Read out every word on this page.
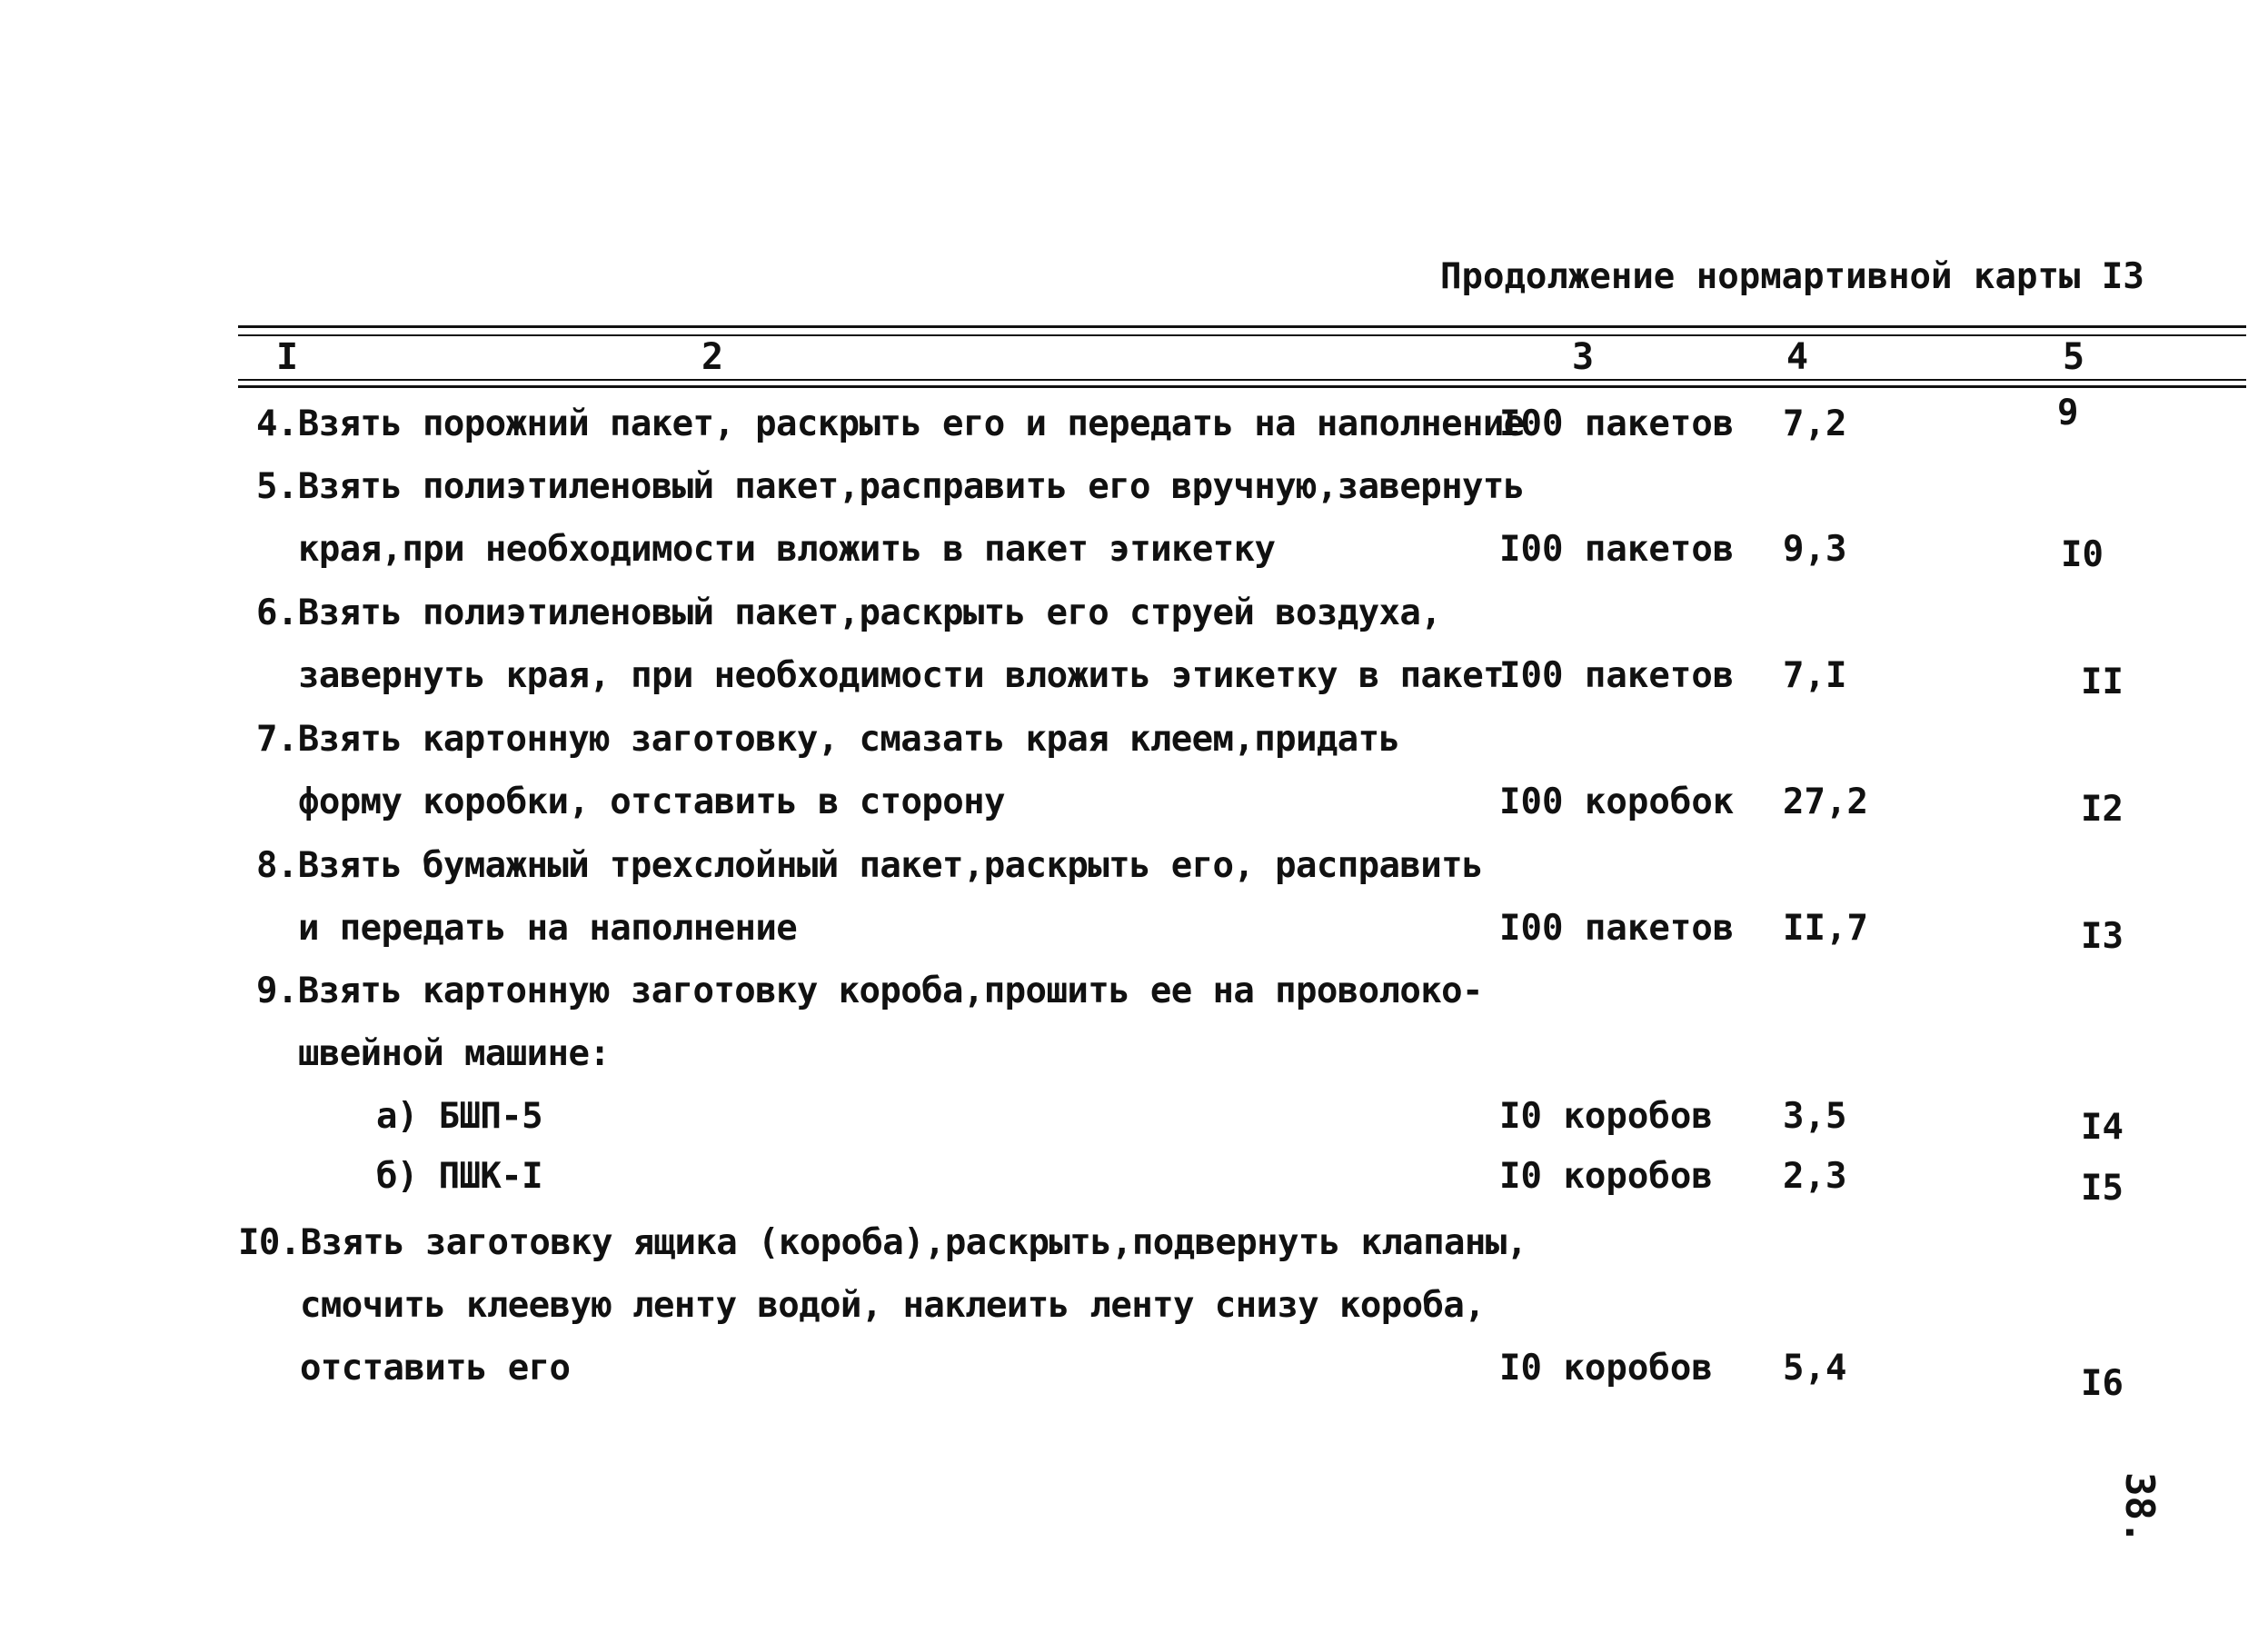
Продолжение нормартивной карты I3
I	2	3	4	5
4.Взять порожний пакет, раскрыть его и передать на наполнение
I00 пакетов 7,2	9
5.Взять полиэтиленовый пакет,расправить его вручную,завернуть
края,при необходимости вложить в пакет этикетку	I00 пакетов 9,3	I0
6.Взять полиэтиленовый пакет,раскрыть его струей воздуха,
завернуть края, при необходимости вложить этикетку в пакет
I00 пакетов 7,I	II
7.Взять картонную заготовку, смазать края клеем,придать
форму коробки, отставить в сторону	I00 коробок 27,2	I2
8.Взять бумажный трехслойный пакет,раскрыть его, расправить
и передать на наполнение	I00 пакетов II,7	I3
9.Взять картонную заготовку короба,прошить ее на проволоко-
швейной машине:
а) БШП-5	I0 коробов 3,5	I4
б) ПШК-I	I0 коробов 2,3	I5
I0.Взять заготовку ящика (короба),раскрыть,подвернуть клапаны,
смочить клеевую ленту водой, наклеить ленту снизу короба,
отставить его	I0 коробов 5,4	I6
38.
